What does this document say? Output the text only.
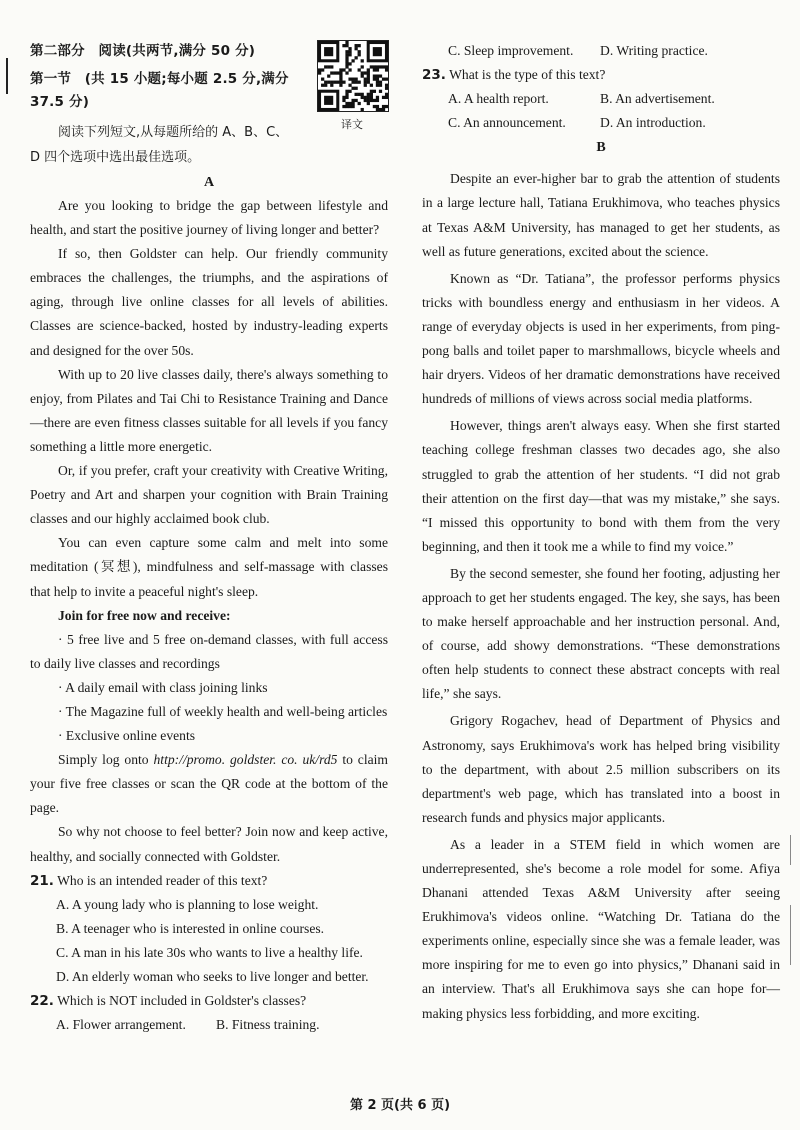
第二部分　阅读(共两节,满分 50 分)
第一节　(共 15 小题;每小题 2.5 分,满分
37.5 分)
译文
阅读下列短文,从每题所给的 A、B、C、
D 四个选项中选出最佳选项。
A

Are you looking to bridge the gap between lifestyle and health, and start the positive journey of living longer and better?

If so, then Goldster can help. Our friendly community embraces the challenges, the triumphs, and the aspirations of aging, through live online classes for all levels of abilities. Classes are science-backed, hosted by industry-leading experts and designed for the over 50s.

With up to 20 live classes daily, there's always something to enjoy, from Pilates and Tai Chi to Resistance Training and Dance—there are even fitness classes suitable for all levels if you fancy something a little more energetic.

Or, if you prefer, craft your creativity with Creative Writing, Poetry and Art and sharpen your cognition with Brain Training classes and our highly acclaimed book club.

You can even capture some calm and melt into some meditation (冥想), mindfulness and self-massage with classes that help to invite a peaceful night's sleep.

Join for free now and receive:

· 5 free live and 5 free on-demand classes, with full access to daily live classes and recordings

· A daily email with class joining links

· The Magazine full of weekly health and well-being articles

· Exclusive online events

Simply log onto http://promo. goldster. co. uk/rd5 to claim your five free classes or scan the QR code at the bottom of the page.

So why not choose to feel better? Join now and keep active, healthy, and socially connected with Goldster.

21. Who is an intended reader of this text?
A. A young lady who is planning to lose weight.
B. A teenager who is interested in online courses.
C. A man in his late 30s who wants to live a healthy life.
D. An elderly woman who seeks to live longer and better.
22. Which is NOT included in Goldster's classes?
A. Flower arrangement.	B. Fitness training.
C. Sleep improvement.	D. Writing practice.
23. What is the type of this text?
A. A health report.	B. An advertisement.
C. An announcement.	D. An introduction.
B

Despite an ever-higher bar to grab the attention of students in a large lecture hall, Tatiana Erukhimova, who teaches physics at Texas A&M University, has managed to get her students, as well as future generations, excited about the science.

Known as “Dr. Tatiana”, the professor performs physics tricks with boundless energy and enthusiasm in her videos. A range of everyday objects is used in her experiments, from ping-pong balls and toilet paper to marshmallows, bicycle wheels and hair dryers. Videos of her dramatic demonstrations have received hundreds of millions of views across social media platforms.

However, things aren't always easy. When she first started teaching college freshman classes two decades ago, she also struggled to grab the attention of her students. “I did not grab their attention on the first day—that was my mistake,” she says. “I missed this opportunity to bond with them from the very beginning, and then it took me a while to find my voice.”

By the second semester, she found her footing, adjusting her approach to get her students engaged. The key, she says, has been to make herself approachable and her instruction personal. And, of course, add showy demonstrations. “These demonstrations often help students to connect these abstract concepts with real life,” she says.

Grigory Rogachev, head of Department of Physics and Astronomy, says Erukhimova's work has helped bring visibility to the department, with about 2.5 million subscribers on its department's web page, which has translated into a boost in research funds and physics major applicants.

As a leader in a STEM field in which women are underrepresented, she's become a role model for some. Afiya Dhanani attended Texas A&M University after seeing Erukhimova's videos online. “Watching Dr. Tatiana do the experiments online, especially since she was a female leader, was more inspiring for me to even go into physics,” Dhanani said in an interview. That's all Erukhimova says she can hope for—making physics less forbidding, and more exciting.

第 2 页(共 6 页)
